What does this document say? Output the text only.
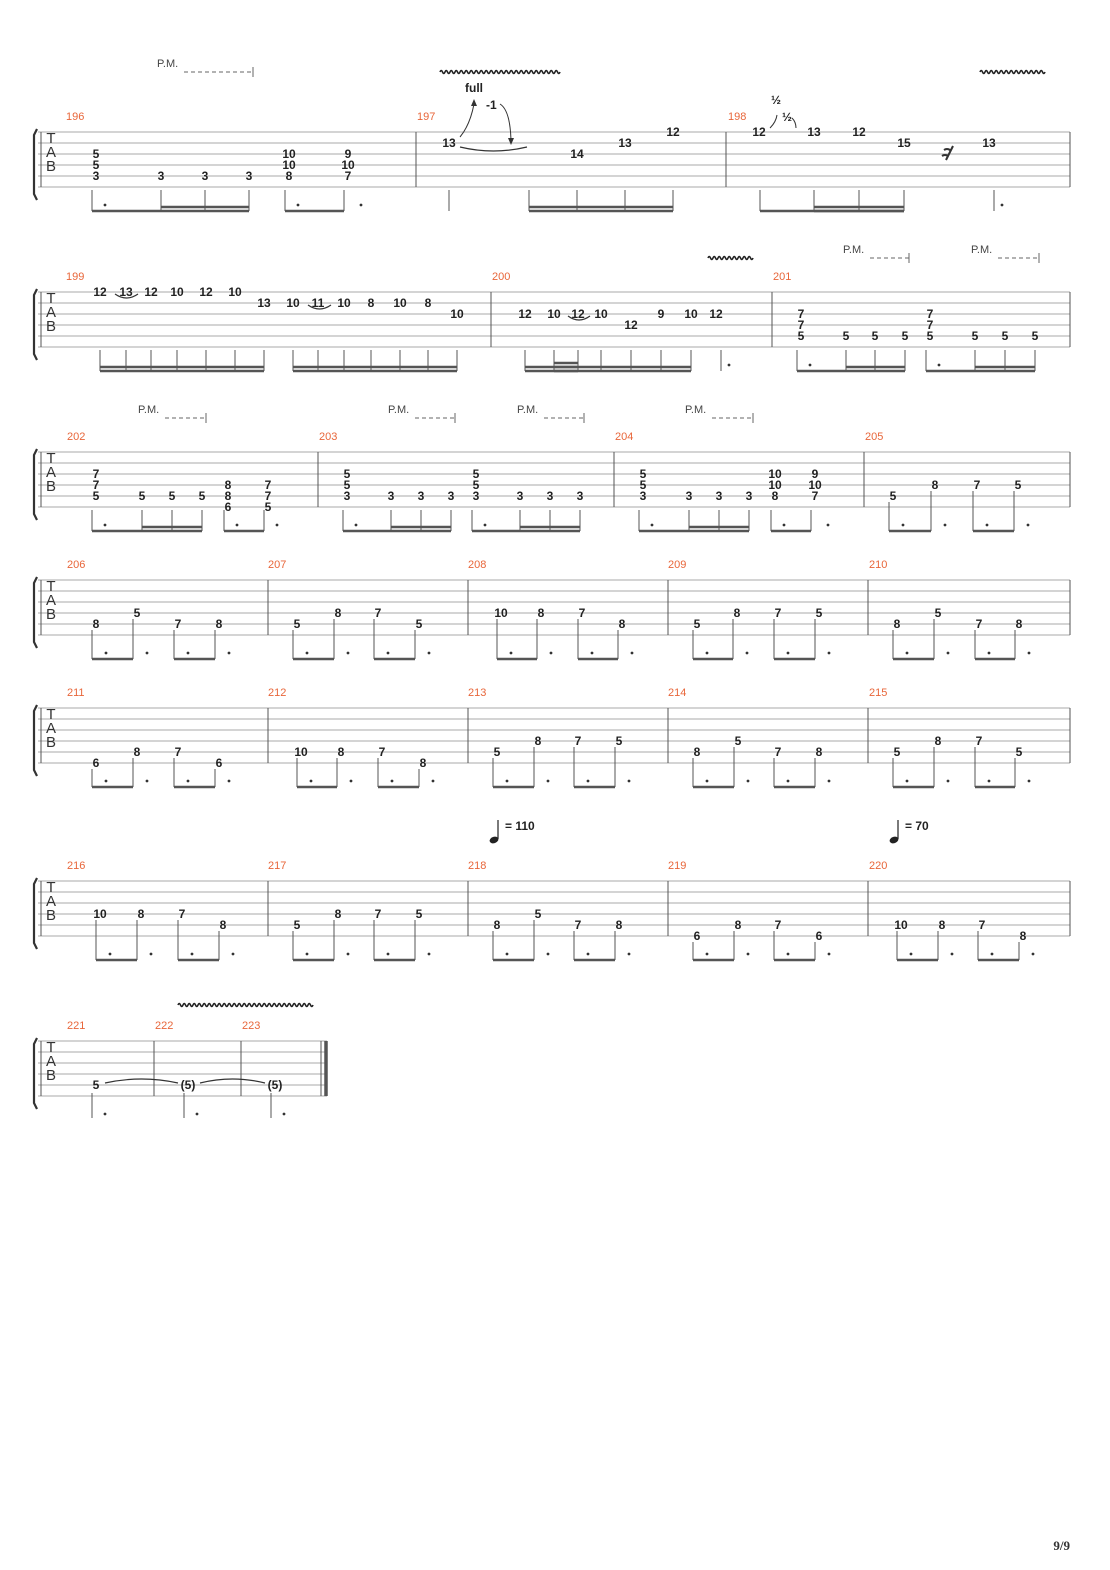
T
A
B
196	197	198
P.M.
5
5
3	3	3	3
10
10
8
9
10
7
13
14
13
12
full
-1
12	13	12
15	13
½
½
T
A
B
199	200	201
P.M.	P.M.
12 13 12 10 12 10
13 10 11 10 8 10 8
10	12 10 12 10
12
9 10 12	7
7
5
7
7
5
5 5 5	5 5 5
T
A
B
202	203	204	205
P.M.	P.M.	P.M.	P.M.
7
7
5	5 5 5
8
8
6
7
7
5
5
5
3
5
5
3
3 3 3	3 3 3
5
5
3	3 3 3
10
10
8
9
10
7	5
8	7	5
T
A
B
206	207	208	209	210
8
5
7	8	5
8	7
5
10 8	7
8	5
8	7	5
8
5
7	8
T
A
B
211	212	213	214	215
6
8	7
6
10 8	7
8
5
8	7	5
8
5
7	8	5
8	7
5
T
A
B
216	217	218	219	220
10	8	7
8	5
8	7	5
8
5
7	8
6
8	7
6
10	8	7
8
= 110	= 70
T
A
B
221	222	223
5	(5)	(5)
9/9
